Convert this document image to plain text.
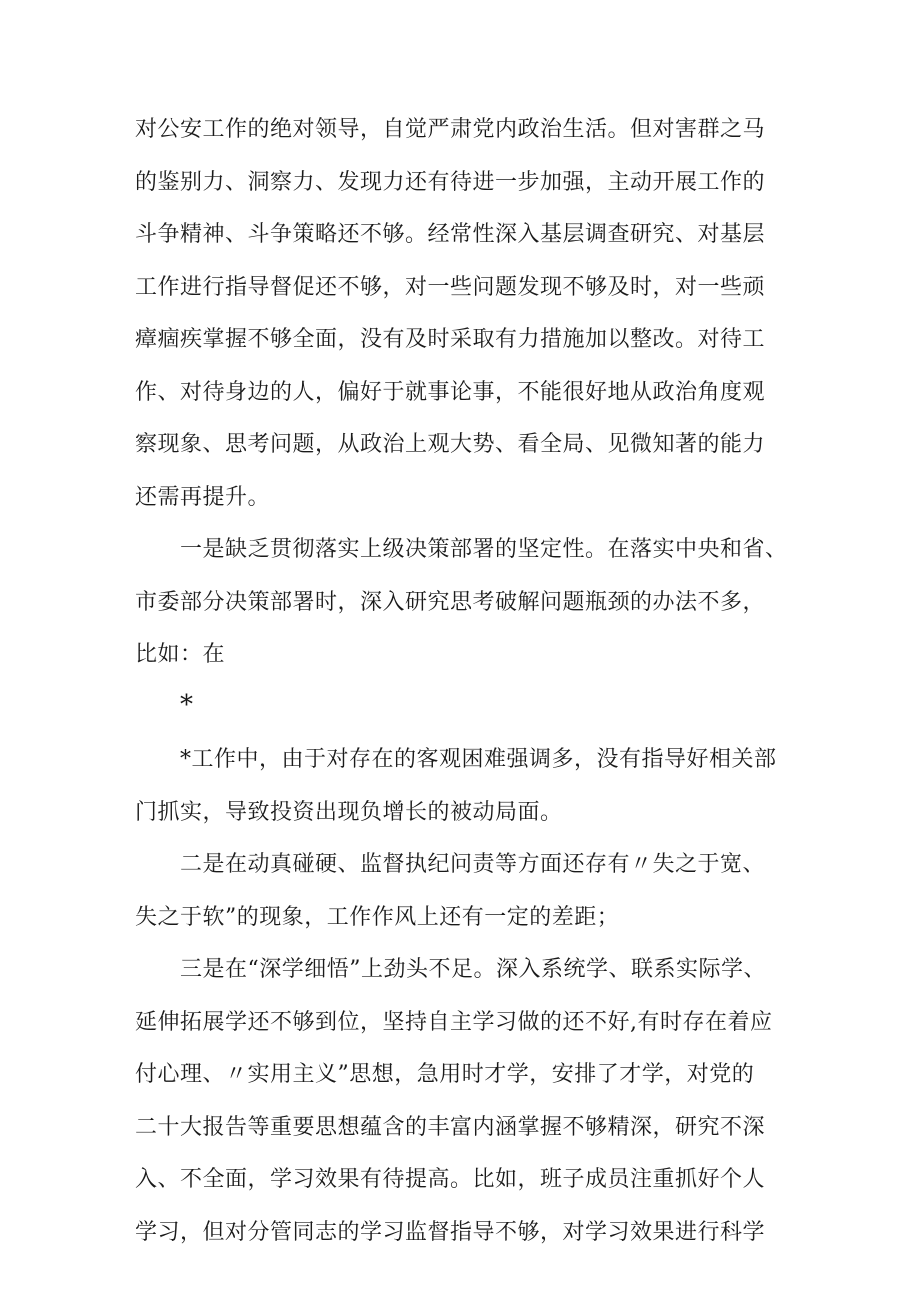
对公安工作的绝对领导，自觉严肃党内政治生活。但对害群之马
的鉴别力、洞察力、发现力还有待进一步加强，主动开展工作的
斗争精神、斗争策略还不够。经常性深入基层调查研究、对基层
工作进行指导督促还不够，对一些问题发现不够及时，对一些顽
瘴痼疾掌握不够全面，没有及时采取有力措施加以整改。对待工
作、对待身边的人，偏好于就事论事，不能很好地从政治角度观
察现象、思考问题，从政治上观大势、看全局、见微知著的能力
还需再提升。
　　一是缺乏贯彻落实上级决策部署的坚定性。在落实中央和省、
市委部分决策部署时，深入研究思考破解问题瓶颈的办法不多，
比如：在
*
　　*工作中，由于对存在的客观困难强调多，没有指导好相关部
门抓实，导致投资出现负增长的被动局面。
　　二是在动真碰硬、监督执纪问责等方面还存有〃失之于宽、
失之于软”的现象，工作作风上还有一定的差距；
　　三是在“深学细悟”上劲头不足。深入系统学、联系实际学、
延伸拓展学还不够到位，坚持自主学习做的还不好,有时存在着应
付心理、〃实用主义”思想，急用时才学，安排了才学，对党的
二十大报告等重要思想蕴含的丰富内涵掌握不够精深，研究不深
入、不全面，学习效果有待提高。比如，班子成员注重抓好个人
学习，但对分管同志的学习监督指导不够，对学习效果进行科学
